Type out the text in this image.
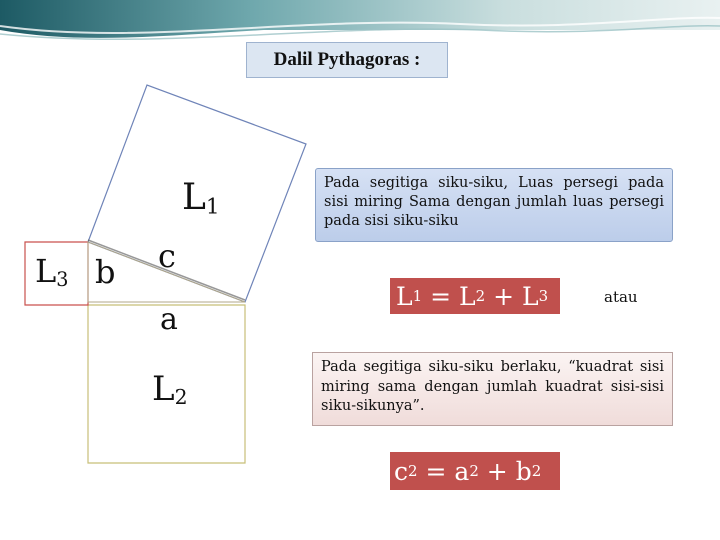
Dalil Pythagoras :
$L_1$
$L_3$ b c
a
$L_2$
Pada segitiga siku-siku, Luas persegi pada sisi miring Sama dengan jumlah luas persegi pada sisi siku-siku
L 1 = L 2 + L 3	atau
Pada segitiga siku-siku berlaku, “kuadrat sisi miring sama dengan jumlah kuadrat sisi-sisi siku-sikunya”.
c 2 = a 2 + b 2
